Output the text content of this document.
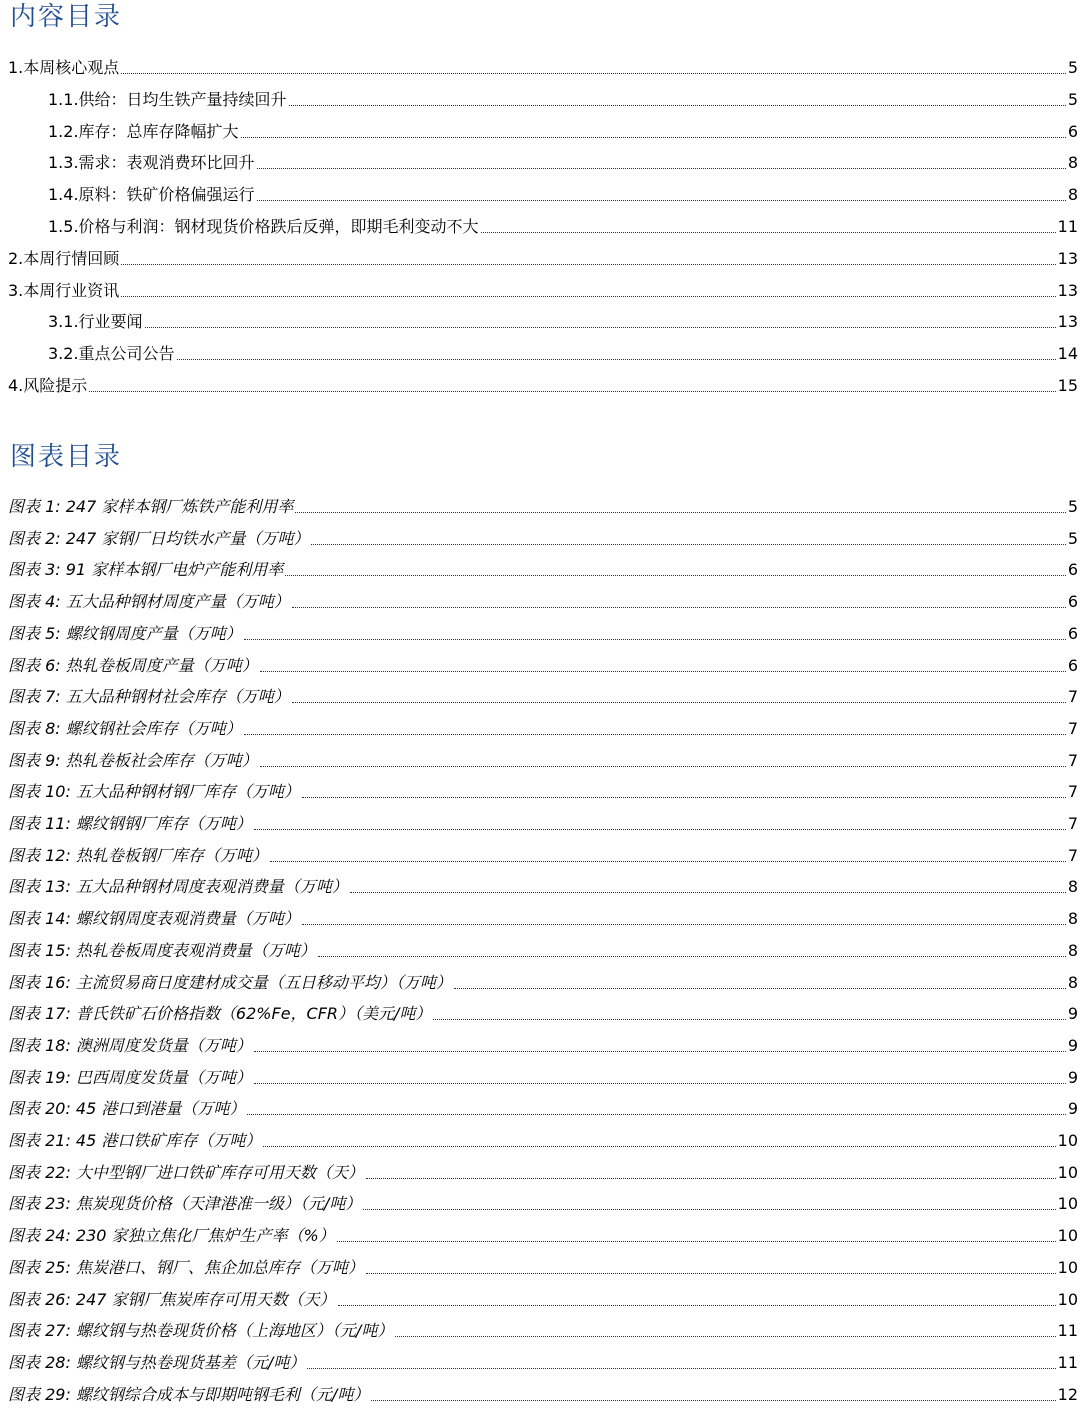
内容目录
1.本周核心观点	5
1.1.供给：日均生铁产量持续回升	5
1.2.库存：总库存降幅扩大	6
1.3.需求：表观消费环比回升	8
1.4.原料：铁矿价格偏强运行	8
1.5.价格与利润：钢材现货价格跌后反弹，即期毛利变动不大	11
2.本周行情回顾	13
3.本周行业资讯	13
3.1.行业要闻	13
3.2.重点公司公告	14
4.风险提示	15
图表目录
图表 1: 247 家样本钢厂炼铁产能利用率	5
图表 2: 247 家钢厂日均铁水产量（万吨）	5
图表 3: 91 家样本钢厂电炉产能利用率	6
图表 4: 五大品种钢材周度产量（万吨）	6
图表 5: 螺纹钢周度产量（万吨）	6
图表 6: 热轧卷板周度产量（万吨）	6
图表 7: 五大品种钢材社会库存（万吨）	7
图表 8: 螺纹钢社会库存（万吨）	7
图表 9: 热轧卷板社会库存（万吨）	7
图表 10: 五大品种钢材钢厂库存（万吨）	7
图表 11: 螺纹钢钢厂库存（万吨）	7
图表 12: 热轧卷板钢厂库存（万吨）	7
图表 13: 五大品种钢材周度表观消费量（万吨）	8
图表 14: 螺纹钢周度表观消费量（万吨）	8
图表 15: 热轧卷板周度表观消费量（万吨）	8
图表 16: 主流贸易商日度建材成交量（五日移动平均）（万吨）	8
图表 17: 普氏铁矿石价格指数（62%Fe，CFR）（美元/吨）	9
图表 18: 澳洲周度发货量（万吨）	9
图表 19: 巴西周度发货量（万吨）	9
图表 20: 45 港口到港量（万吨）	9
图表 21: 45 港口铁矿库存（万吨）	10
图表 22: 大中型钢厂进口铁矿库存可用天数（天）	10
图表 23: 焦炭现货价格（天津港准一级）（元/吨）	10
图表 24: 230 家独立焦化厂焦炉生产率（%）	10
图表 25: 焦炭港口、钢厂、焦企加总库存（万吨）	10
图表 26: 247 家钢厂焦炭库存可用天数（天）	10
图表 27: 螺纹钢与热卷现货价格（上海地区）（元/吨）	11
图表 28: 螺纹钢与热卷现货基差（元/吨）	11
图表 29: 螺纹钢综合成本与即期吨钢毛利（元/吨）	12
